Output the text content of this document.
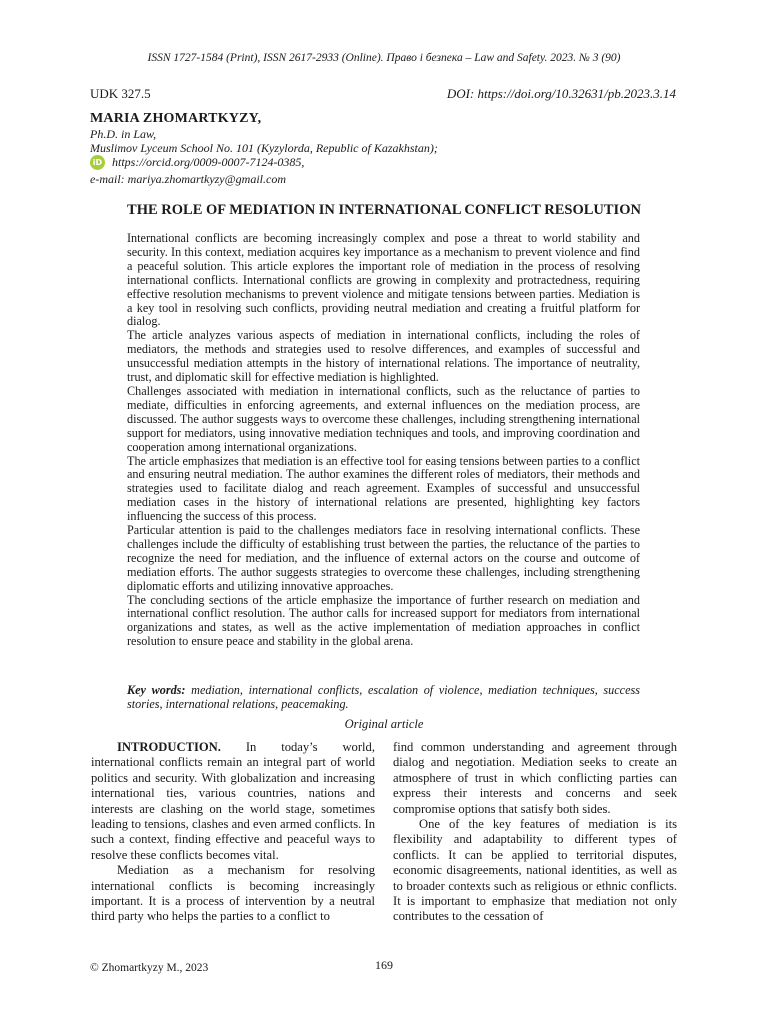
ISSN 1727-1584 (Print), ISSN 2617-2933 (Online). Право і безпека – Law and Safety. 2023. № 3 (90)
UDK 327.5	DOI: https://doi.org/10.32631/pb.2023.3.14
MARIA ZHOMARTKYZY,
Ph.D. in Law,
Muslimov Lyceum School No. 101 (Kyzylorda, Republic of Kazakhstan);
iD https://orcid.org/0009-0007-7124-0385,
e-mail: mariya.zhomartkyzy@gmail.com
THE ROLE OF MEDIATION IN INTERNATIONAL CONFLICT RESOLUTION

International conflicts are becoming increasingly complex and pose a threat to world stability and security. In this context, mediation acquires key importance as a mechanism to prevent violence and find a peaceful solution. This article explores the important role of mediation in the process of resolving international conflicts. International conflicts are growing in complexity and protractedness, requiring effective resolution mechanisms to prevent violence and mitigate tensions between parties. Mediation is a key tool in resolving such conflicts, providing neutral mediation and creating a fruitful platform for dialog.

The article analyzes various aspects of mediation in international conflicts, including the roles of mediators, the methods and strategies used to resolve differences, and examples of successful and unsuccessful mediation attempts in the history of international relations. The importance of neutrality, trust, and diplomatic skill for effective mediation is highlighted.

Challenges associated with mediation in international conflicts, such as the reluctance of parties to mediate, difficulties in enforcing agreements, and external influences on the mediation process, are discussed. The author suggests ways to overcome these challenges, including strengthening international support for mediators, using innovative mediation techniques and tools, and improving coordination and cooperation among international organizations.

The article emphasizes that mediation is an effective tool for easing tensions between parties to a conflict and ensuring neutral mediation. The author examines the different roles of mediators, their methods and strategies used to facilitate dialog and reach agreement. Examples of successful and unsuccessful mediation cases in the history of international relations are presented, highlighting key factors influencing the success of this process.

Particular attention is paid to the challenges mediators face in resolving international conflicts. These challenges include the difficulty of establishing trust between the parties, the reluctance of the parties to recognize the need for mediation, and the influence of external actors on the course and outcome of mediation efforts. The author suggests strategies to overcome these challenges, including strengthening diplomatic efforts and utilizing innovative approaches.

The concluding sections of the article emphasize the importance of further research on mediation and international conflict resolution. The author calls for increased support for mediators from international organizations and states, as well as the active implementation of mediation approaches in conflict resolution to ensure peace and stability in the global arena.

Key words: mediation, international conflicts, escalation of violence, mediation techniques, success stories, international relations, peacemaking.
Original article

INTRODUCTION. In today’s world, international conflicts remain an integral part of world politics and security. With globalization and increasing international ties, various countries, nations and interests are clashing on the world stage, sometimes leading to tensions, clashes and even armed conflicts. In such a context, finding effective and peaceful ways to resolve these conflicts becomes vital.

Mediation as a mechanism for resolving international conflicts is becoming increasingly important. It is a process of intervention by a neutral third party who helps the parties to a conflict to

find common understanding and agreement through dialog and negotiation. Mediation seeks to create an atmosphere of trust in which conflicting parties can express their interests and concerns and seek compromise options that satisfy both sides.

One of the key features of mediation is its flexibility and adaptability to different types of conflicts. It can be applied to territorial disputes, economic disagreements, national identities, as well as to broader contexts such as religious or ethnic conflicts. It is important to emphasize that mediation not only contributes to the cessation of

© Zhomartkyzy M., 2023	169
